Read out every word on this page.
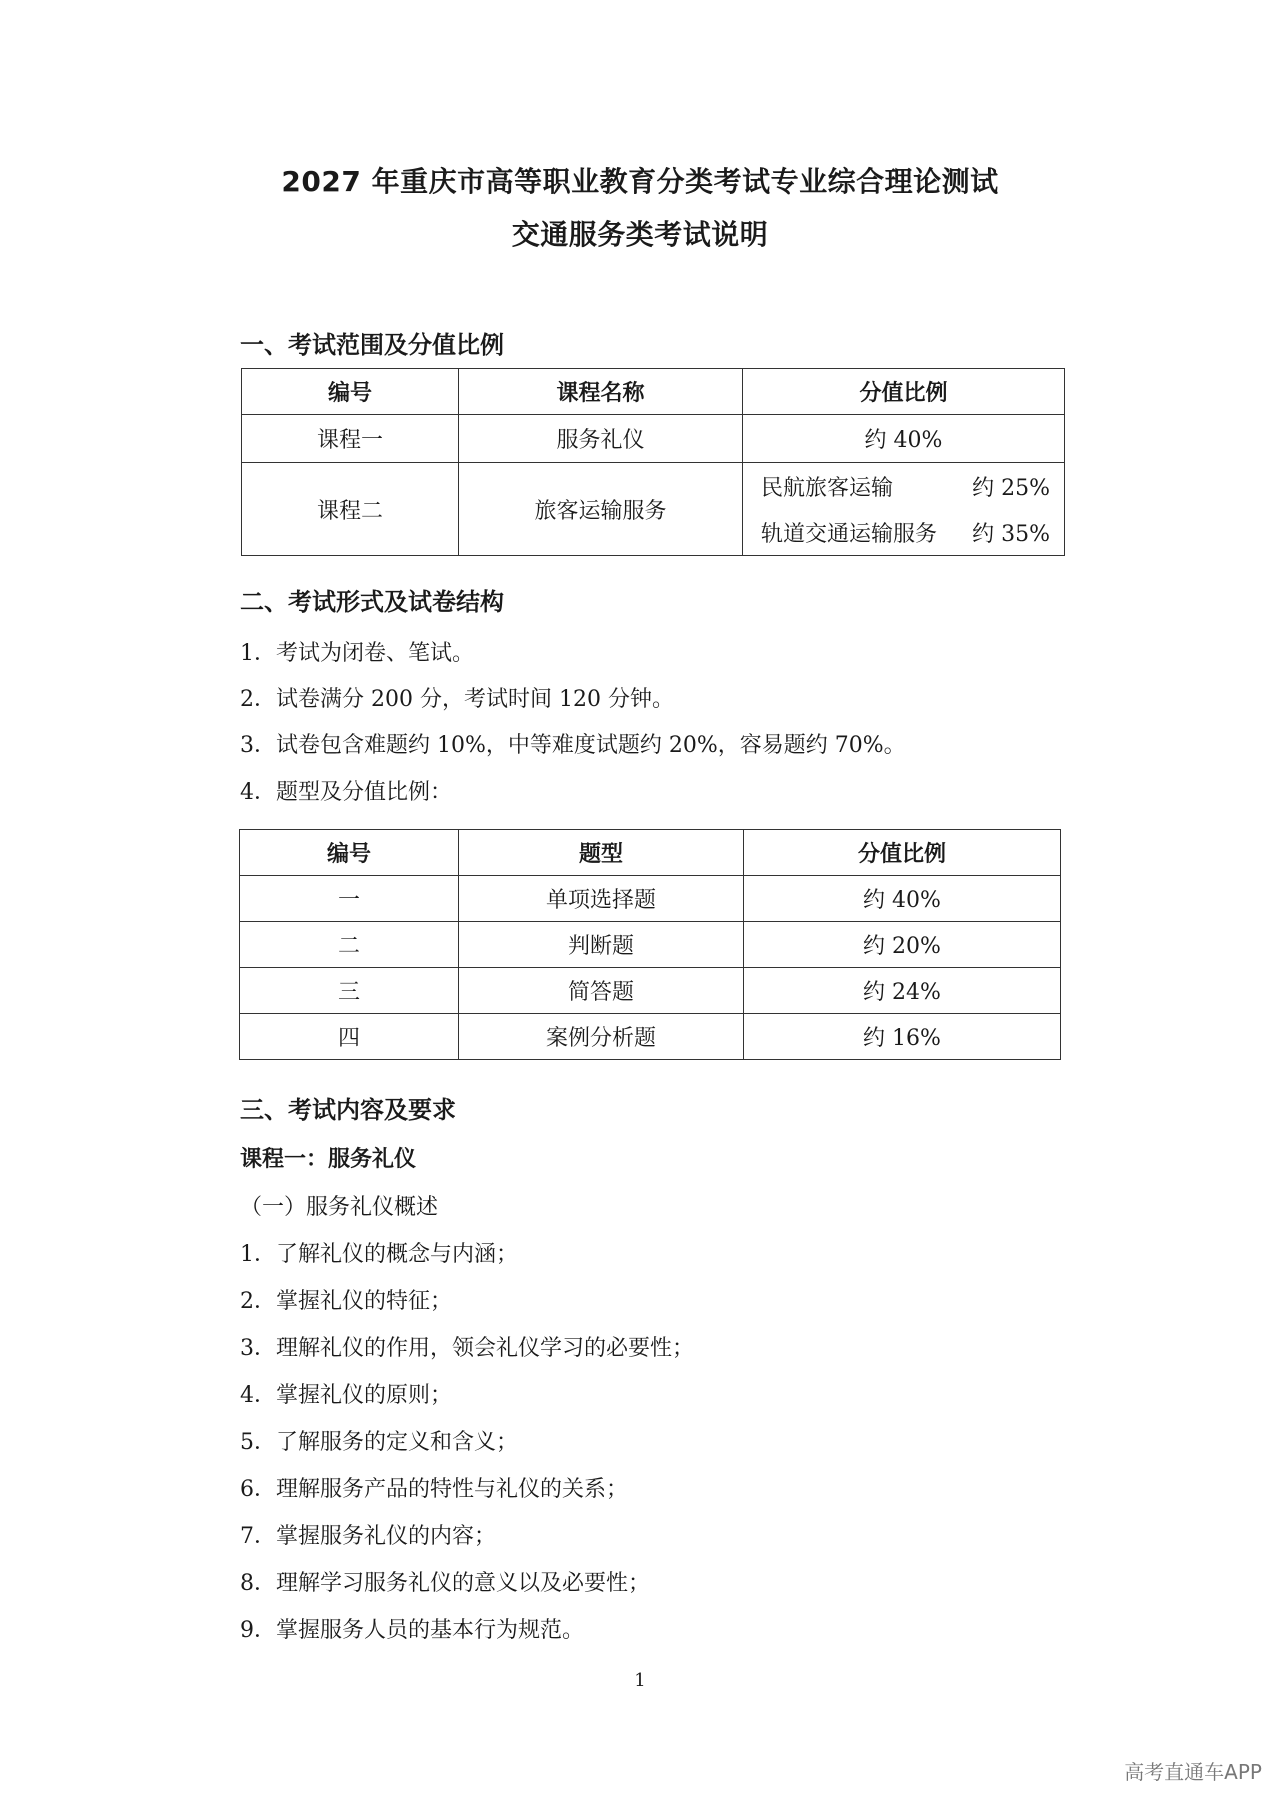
2027 年重庆市高等职业教育分类考试专业综合理论测试
交通服务类考试说明
一、考试范围及分值比例
编号	课程名称	分值比例
课程一	服务礼仪	约 40%
课程二	旅客运输服务	民航旅客运输 约 25%
轨道交通运输服务 约 35%
二、考试形式及试卷结构
1．考试为闭卷、笔试。
2．试卷满分 200 分，考试时间 120 分钟。
3．试卷包含难题约 10%，中等难度试题约 20%，容易题约 70%。
4．题型及分值比例：
编号	题型	分值比例
一	单项选择题	约 40%
二	判断题	约 20%
三	简答题	约 24%
四	案例分析题	约 16%
三、考试内容及要求
课程一：服务礼仪
（一）服务礼仪概述
1．了解礼仪的概念与内涵；
2．掌握礼仪的特征；
3．理解礼仪的作用，领会礼仪学习的必要性；
4．掌握礼仪的原则；
5．了解服务的定义和含义；
6．理解服务产品的特性与礼仪的关系；
7．掌握服务礼仪的内容；
8．理解学习服务礼仪的意义以及必要性；
9．掌握服务人员的基本行为规范。
1
高考直通车APP
